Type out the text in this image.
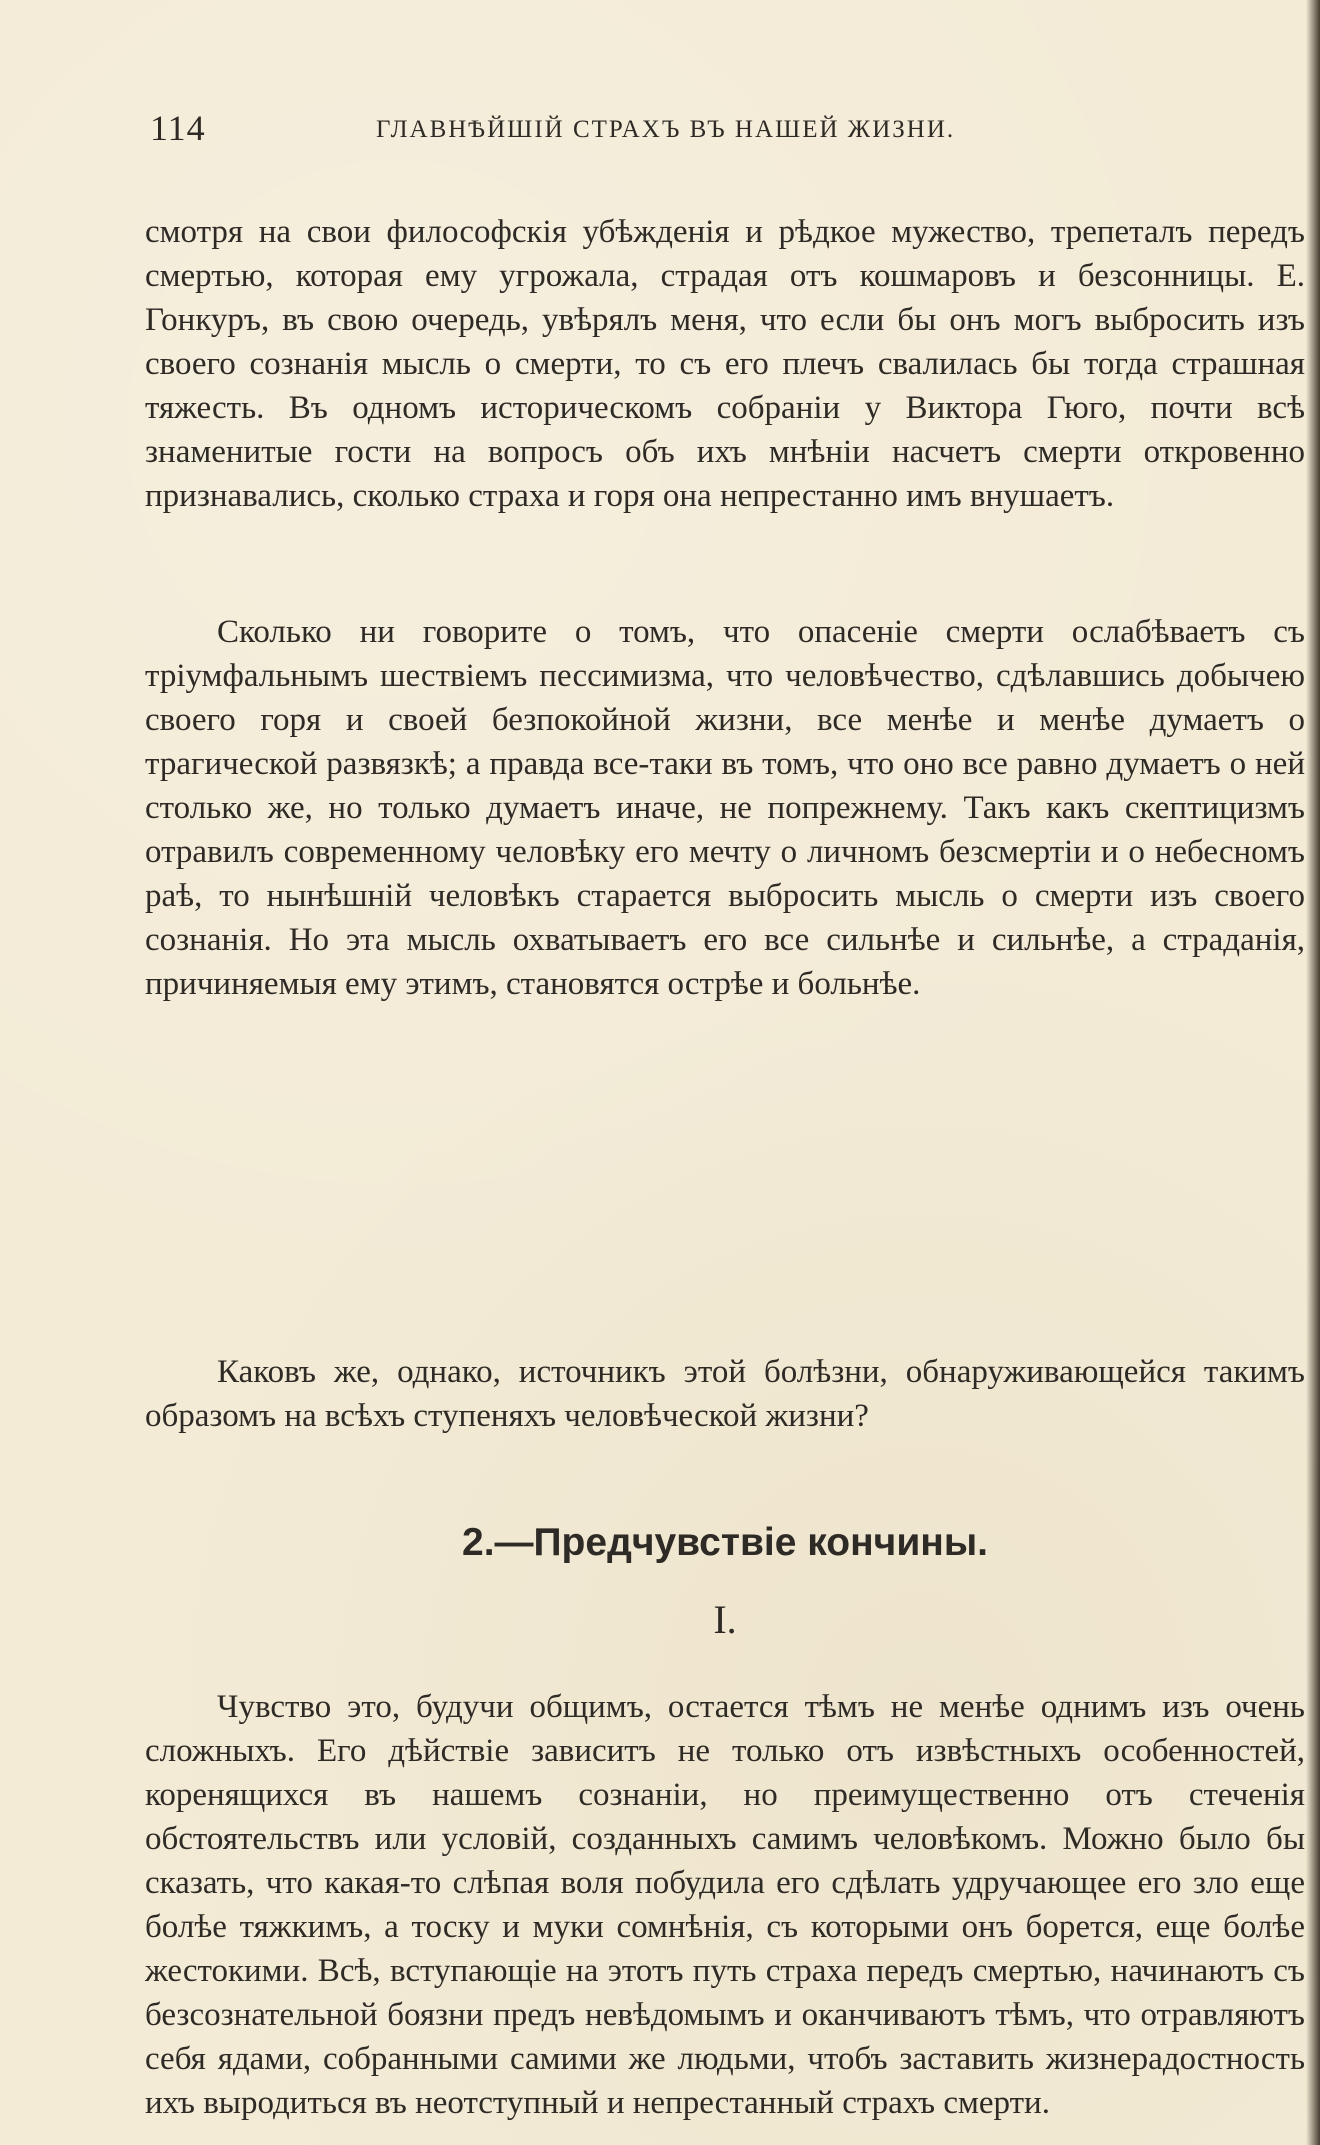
114	ГЛАВНѢЙШІЙ СТРАХЪ ВЪ НАШЕЙ ЖИЗНИ.

смотря на свои философскія убѣжденія и рѣдкое мужество, трепеталъ передъ смертью, которая ему угрожала, страдая отъ кошмаровъ и безсонницы. Е. Гонкуръ, въ свою очередь, увѣрялъ меня, что если бы онъ могъ выбросить изъ своего сознанія мысль о смерти, то съ его плечъ свалилась бы тогда страшная тяжесть. Въ одномъ историческомъ собраніи у Виктора Гюго, почти всѣ знаменитые гости на вопросъ объ ихъ мнѣніи насчетъ смерти откровенно признавались, сколько страха и горя она непрестанно имъ внушаетъ.

Сколько ни говорите о томъ, что опасеніе смерти ослабѣваетъ съ тріумфальнымъ шествіемъ пессимизма, что человѣчество, сдѣлавшись добычею своего горя и своей безпокойной жизни, все менѣе и менѣе думаетъ о трагической развязкѣ; а правда все-таки въ томъ, что оно все равно думаетъ о ней столько же, но только думаетъ иначе, не попрежнему. Такъ какъ скептицизмъ отравилъ современному человѣку его мечту о личномъ безсмертіи и о небесномъ раѣ, то нынѣшній человѣкъ старается выбросить мысль о смерти изъ своего сознанія. Но эта мысль охватываетъ его все сильнѣе и сильнѣе, а страданія, причиняемыя ему этимъ, становятся острѣе и больнѣе.

Каковъ же, однако, источникъ этой болѣзни, обнаруживающейся такимъ образомъ на всѣхъ ступеняхъ человѣческой жизни?

2.—Предчувствіе кончины.
I.

Чувство это, будучи общимъ, остается тѣмъ не менѣе однимъ изъ очень сложныхъ. Его дѣйствіе зависитъ не только отъ извѣстныхъ особенностей, коренящихся въ нашемъ сознаніи, но преимущественно отъ стеченія обстоятельствъ или условій, созданныхъ самимъ человѣкомъ. Можно было бы сказать, что какая-то слѣпая воля побудила его сдѣлать удручающее его зло еще болѣе тяжкимъ, а тоску и муки сомнѣнія, съ которыми онъ борется, еще болѣе жестокими. Всѣ, вступающіе на этотъ путь страха передъ смертью, начинаютъ съ безсознательной боязни предъ невѣдомымъ и оканчиваютъ тѣмъ, что отравляютъ себя ядами, собранными самими же людьми, чтобъ заставить жизнерадостность ихъ выродиться въ неотступный и непрестанный страхъ смерти.
